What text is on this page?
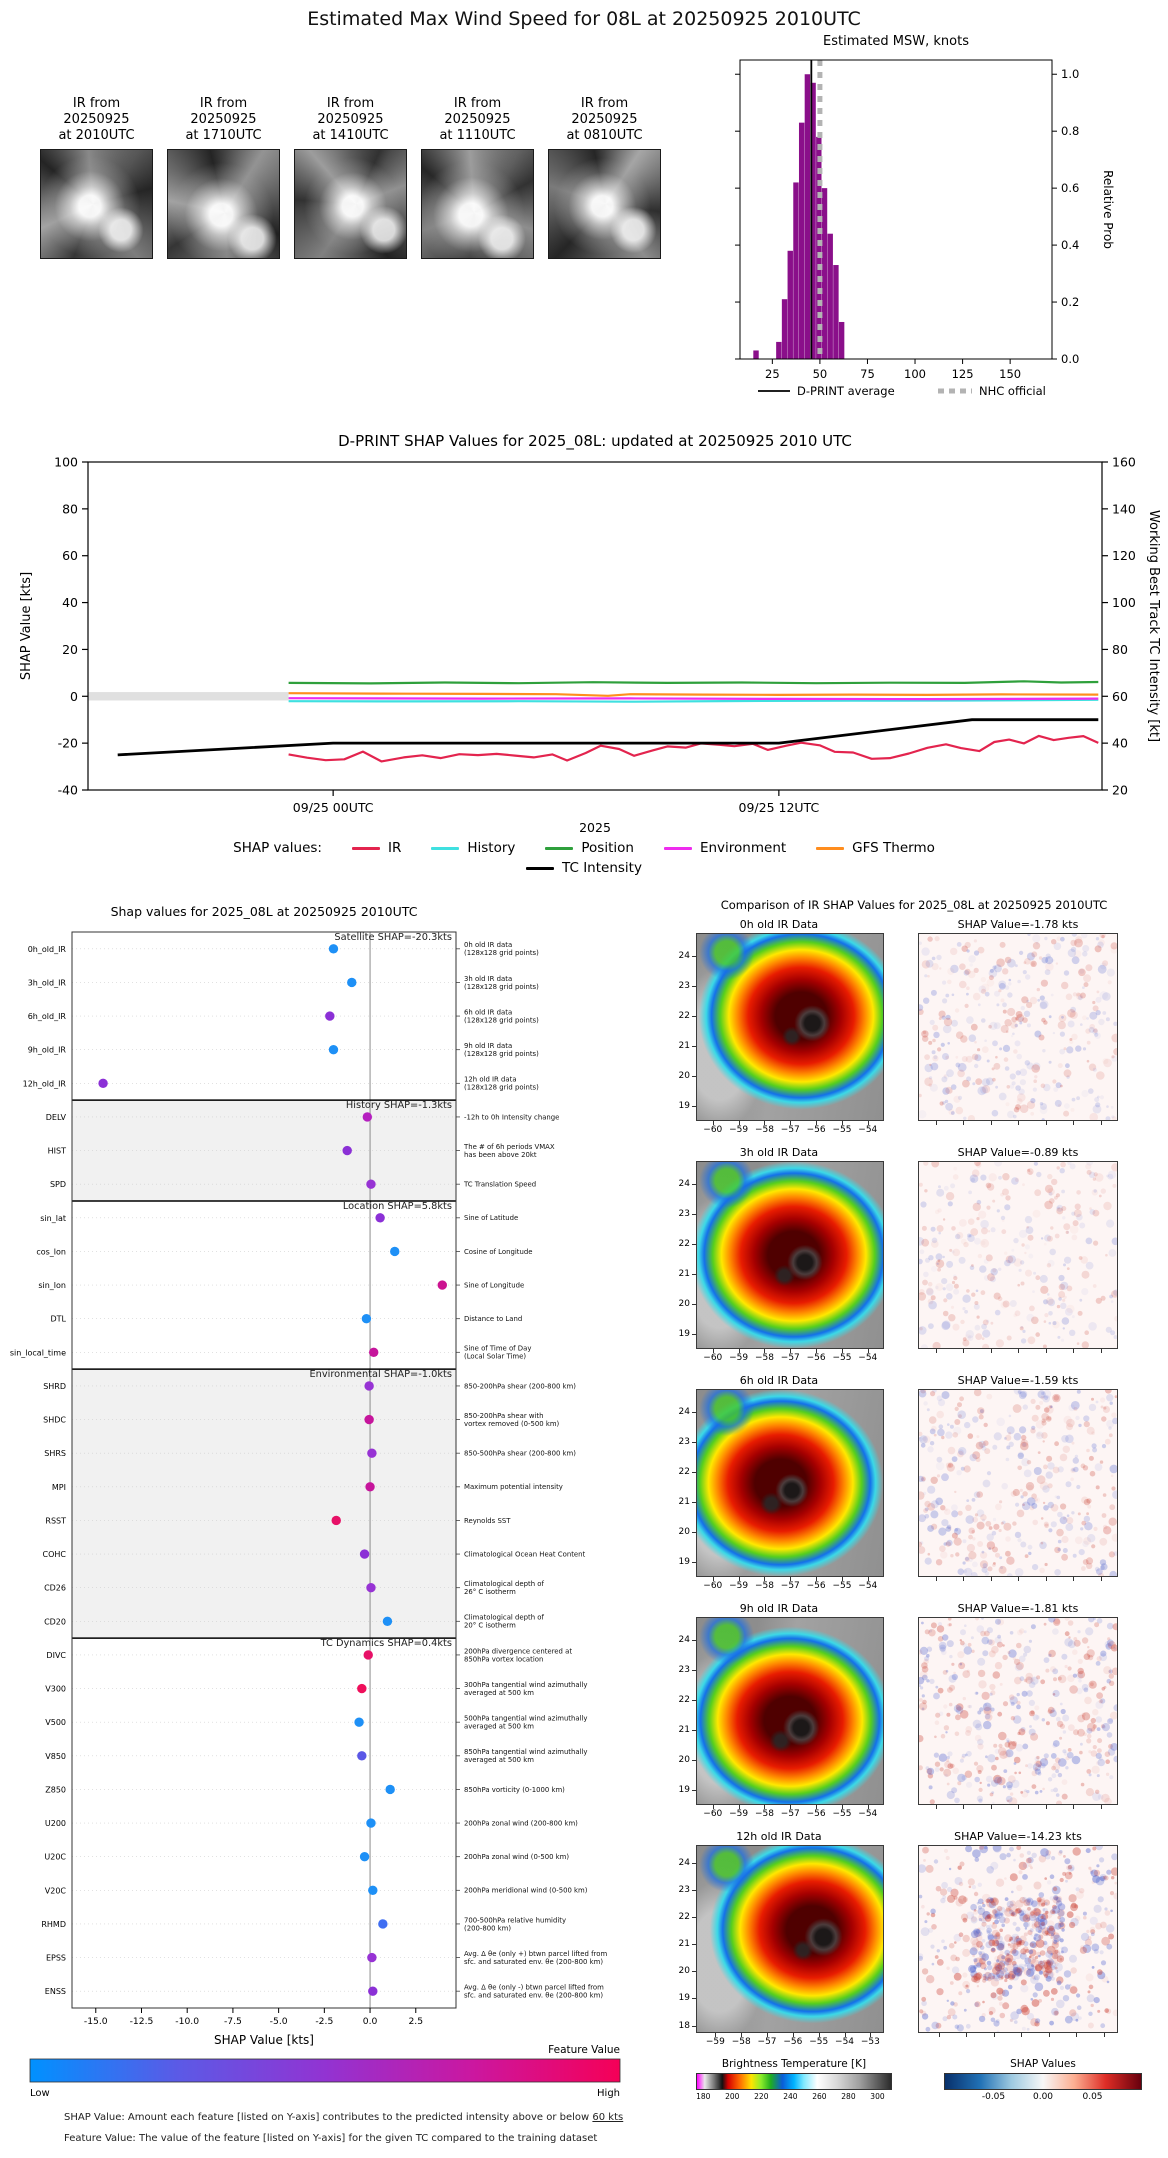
Estimated Max Wind Speed for 08L at 20250925 2010UTC
IR from
20250925
at 2010UTC
IR from
20250925
at 1710UTC
IR from
20250925
at 1410UTC
IR from
20250925
at 1110UTC
IR from
20250925
at 0810UTC
Estimated MSW, knots
25	50	75	100 125 150
0.0
0.2
0.4
0.6
0.8
1.0
Relative Prob
D-PRINT average	NHC official
D-PRINT SHAP Values for 2025_08L: updated at 20250925 2010 UTC
-40
-20
0
20
40
60
80
100
20
40
60
80
100
120
140
160
09/25 00UTC	09/25 12UTC
2025
SHAP Value [kts]	Working Best Track TC Intensity [kt]
SHAP values:	IR	History	Position	Environment	GFS Thermo
TC Intensity
Shap values for 2025_08L at 20250925 2010UTC
0h_old_IR	0h old IR data
(128x128 grid points)
3h_old_IR	3h old IR data
(128x128 grid points)
6h_old_IR	6h old IR data
(128x128 grid points)
9h_old_IR	9h old IR data
(128x128 grid points)
12h_old_IR	12h old IR data
(128x128 grid points)
Satellite SHAP=-20.3kts
DELV	-12h to 0h Intensity change
HIST	The # of 6h periods VMAX
has been above 20kt
SPD	TC Translation Speed
History SHAP=-1.3kts
sin_lat	Sine of Latitude
cos_lon	Cosine of Longitude
sin_lon	Sine of Longitude
DTL	Distance to Land
sin_local_time	Sine of Time of Day
(Local Solar Time)
Location SHAP=5.8kts
SHRD	850-200hPa shear (200-800 km)
SHDC	850-200hPa shear with
vortex removed (0-500 km)
SHRS	850-500hPa shear (200-800 km)
MPI	Maximum potential intensity
RSST	Reynolds SST
COHC	Climatological Ocean Heat Content
CD26	Climatological depth of
26° C isotherm
CD20	Climatological depth of
20° C isotherm
Environmental SHAP=-1.0kts
DIVC	200hPa divergence centered at
850hPa vortex location
V300	300hPa tangential wind azimuthally
averaged at 500 km
V500	500hPa tangential wind azimuthally
averaged at 500 km
V850	850hPa tangential wind azimuthally
averaged at 500 km
Z850	850hPa vorticity (0-1000 km)
U200	200hPa zonal wind (200-800 km)
U20C	200hPa zonal wind (0-500 km)
V20C	200hPa meridional wind (0-500 km)
RHMD	700-500hPa relative humidity
(200-800 km)
EPSS	Avg. Δ θe (only +) btwn parcel lifted from
sfc. and saturated env. θe (200-800 km)
ENSS	Avg. Δ θe (only -) btwn parcel lifted from
sfc. and saturated env. θe (200-800 km)
TC Dynamics SHAP=0.4kts
-15.0 -12.5 -10.0	-7.5	-5.0	-2.5	0.0	2.5
SHAP Value [kts]
Feature Value
Low	High
SHAP Value: Amount each feature [listed on Y-axis] contributes to the predicted intensity above or below 60 kts
Feature Value: The value of the feature [listed on Y-axis] for the given TC compared to the training dataset
Comparison of IR SHAP Values for 2025_08L at 20250925 2010UTC
0h old IR Data
24
23
22
21
20
19
−60 −59 −58 −57 −56 −55 −54
SHAP Value=-1.78 kts
3h old IR Data
24
23
22
21
20
19
−60 −59 −58 −57 −56 −55 −54
SHAP Value=-0.89 kts
6h old IR Data
24
23
22
21
20
19
−60 −59 −58 −57 −56 −55 −54
SHAP Value=-1.59 kts
9h old IR Data
24
23
22
21
20
19
−60 −59 −58 −57 −56 −55 −54
SHAP Value=-1.81 kts
12h old IR Data
24
23
22
21
20
19
18
−59 −58 −57 −56 −55 −54 −53
SHAP Value=-14.23 kts
Brightness Temperature [K]
180 200 220 240 260 280 300
SHAP Values
-0.05	0.00	0.05
